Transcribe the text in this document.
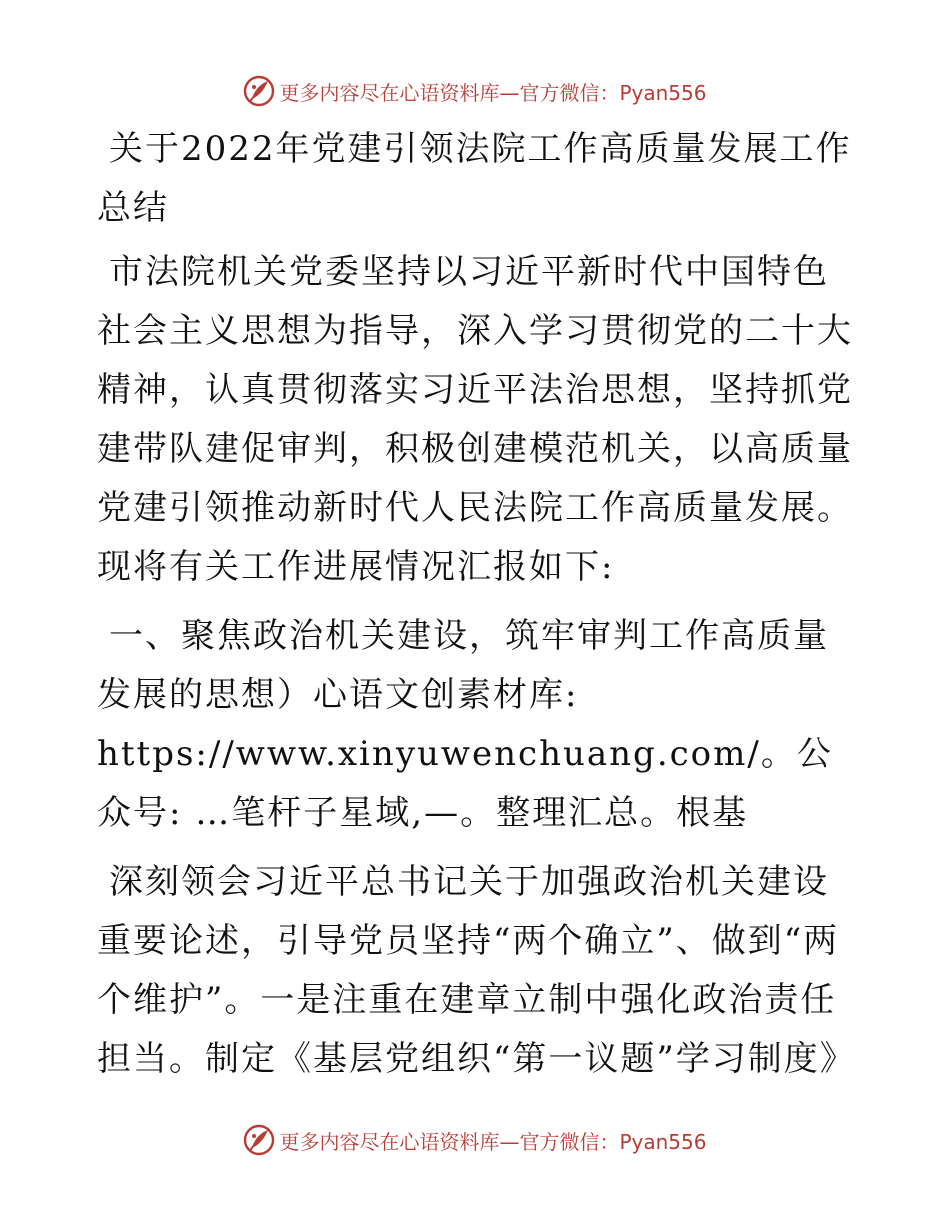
更多内容尽在心语资料库—官方微信：Pyan556

关于2022年党建引领法院工作高质量发展工作总结

市法院机关党委坚持以习近平新时代中国特色社会主义思想为指导，深入学习贯彻党的二十大精神，认真贯彻落实习近平法治思想，坚持抓党建带队建促审判，积极创建模范机关，以高质量党建引领推动新时代人民法院工作高质量发展。现将有关工作进展情况汇报如下:

一、聚焦政治机关建设，筑牢审判工作高质量发展的思想）心语文创素材库: https://www.xinyuwenchuang.com/。公众号: …笔杆子星域,—。整理汇总。根基

深刻领会习近平总书记关于加强政治机关建设重要论述，引导党员坚持“两个确立”、做到“两个维护”。一是注重在建章立制中强化政治责任担当。制定《基层党组织“第一议题”学习制度》

更多内容尽在心语资料库—官方微信：Pyan556
